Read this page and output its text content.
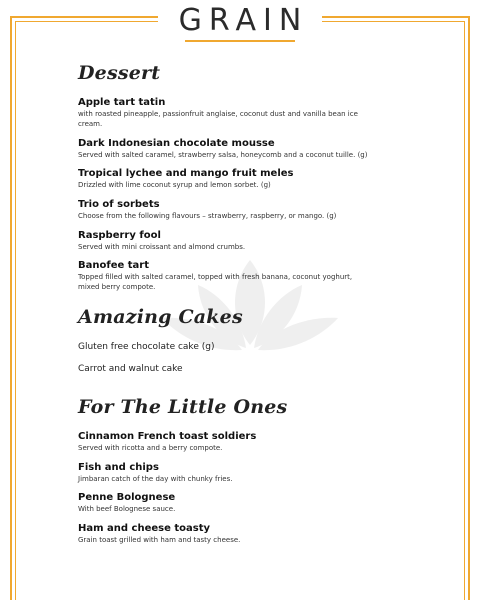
GRAIN
Dessert
Apple tart tatin
with roasted pineapple, passionfruit anglaise, coconut dust and vanilla bean ice cream.
Dark Indonesian chocolate mousse
Served with salted caramel, strawberry salsa, honeycomb and a coconut tuille. (g)
Tropical lychee and mango fruit meles
Drizzled with lime coconut syrup and lemon sorbet. (g)
Trio of sorbets
Choose from the following flavours – strawberry, raspberry, or mango. (g)
Raspberry fool
Served with mini croissant and almond crumbs.
Banofee tart
Topped filled with salted caramel, topped with fresh banana, coconut yoghurt, mixed berry compote.
Amazing Cakes
Gluten free chocolate cake (g)
Carrot and walnut cake
For The Little Ones
Cinnamon French toast soldiers
Served with ricotta and a berry compote.
Fish and chips
Jimbaran catch of the day with chunky fries.
Penne Bolognese
With beef Bolognese sauce.
Ham and cheese toasty
Grain toast grilled with ham and tasty cheese.
